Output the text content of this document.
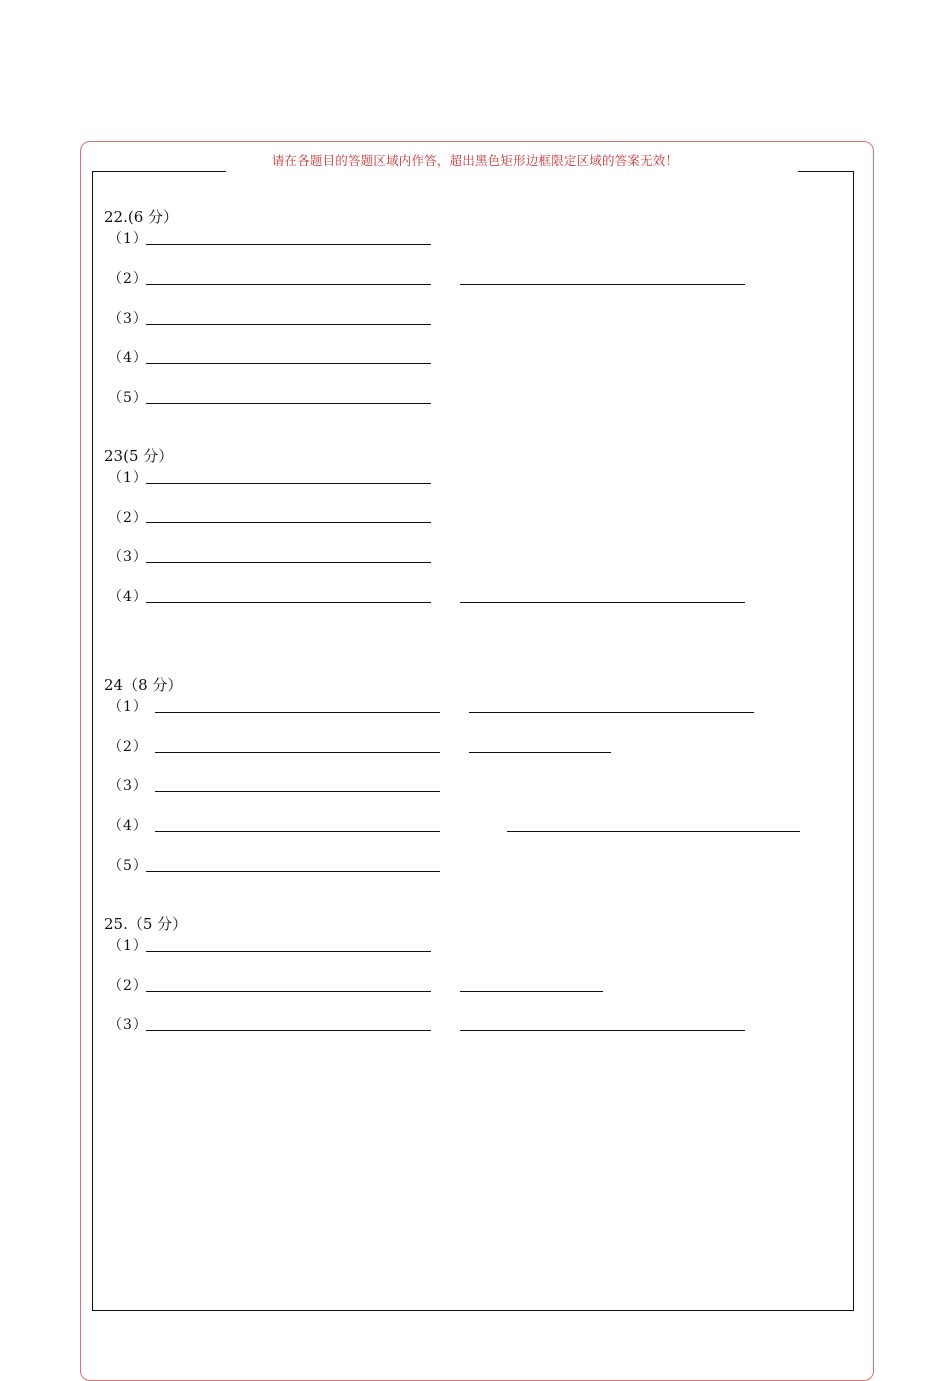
请在各题目的答题区域内作答，超出黑色矩形边框限定区域的答案无效！
22.(6 分）
（1）
（2）
（3）
（4）
（5）
23(5 分）
（1）
（2）
（3）
（4）
24（8 分）
（1）
（2）
（3）
（4）
（5）
25.（5 分）
（1）
（2）
（3）
